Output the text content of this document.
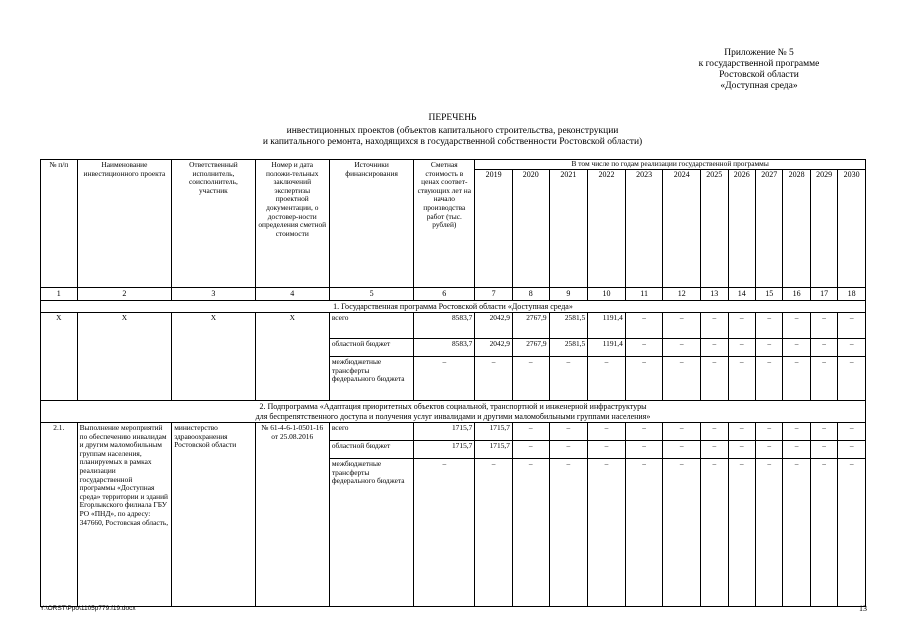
Приложение № 5
к государственной программе
Ростовской области
«Доступная среда»
ПЕРЕЧЕНЬ
инвестиционных проектов (объектов капитального строительства, реконструкции
и капитального ремонта, находящихся в государственной собственности Ростовской области)
№ п/п	Наименование инвестиционного проекта	Ответственный исполнитель, соисполнитель, участник	Номер и дата положи-тельных заключений экспертизы проектной документации, о достовер-ности определения сметной стоимости	Источники финансирования	Сметная стоимость в ценах соответ-ствующих лет на начало производства работ (тыс. рублей)	В том числе по годам реализации государственной программы											
						2019	2020	2021	2022	2023	2024	2025	2026	2027	2028	2029	2030
1	2	3	4	5	6	7	8	9	10	11	12	13	14	15	16	17	18
1. Государственная программа Ростовской области «Доступная среда»																	
Х	Х	Х	Х	всего	8583,7	2042,9	2767,9	2581,5	1191,4	–	–	–	–	–	–	–	–
				областной бюджет	8583,7	2042,9	2767,9	2581,5	1191,4	–	–	–	–	–	–	–	–
				межбюджетные трансферты федерального бюджета	–	–	–	–	–	–	–	–	–	–	–	–	–

2. Подпрограмма «Адаптация приоритетных объектов социальной, транспортной и инженерной инфраструктуры
для беспрепятственного доступа и получения услуг инвалидами и другими маломобильными группами населения»																	

2.1.	Выполнение мероприятий по обеспечению инвалидам и другим маломобильным группам населения, планируемых в рамках реализации государственной программы «Доступная среда» территории и зданий Егорлыкского филиала ГБУ РО «ПНД», по адресу: 347660, Ростовская область,	министерство здравоохранения Ростовской области	№ 61-4-6-1-0501-16 от 25.08.2016	всего	1715,7	1715,7	–	–	–	–	–	–	–	–	–	–	–
				областной бюджет	1715,7	1715,7	–	–	–	–	–	–	–	–	–	–	–
				межбюджетные трансферты федерального бюджета	–	–	–	–	–	–	–	–	–	–	–	–	–
Y:\ORST\Ppo\1105p779.f19.docx	13
